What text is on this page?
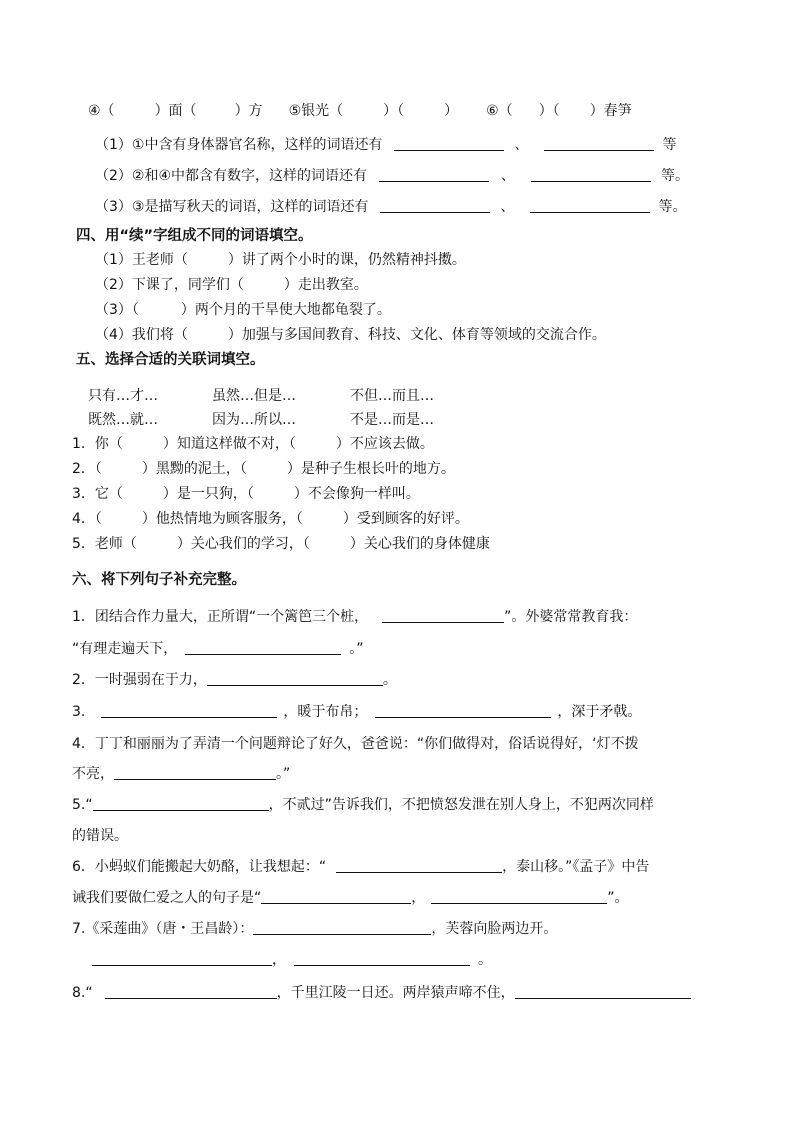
④（	）面（	）方 ⑤银光（	）（	） ⑥（ ）（ ）春笋
（1）①中含有身体器官名称，这样的词语还有	、	等
（2）②和④中都含有数字，这样的词语还有	、	等。
（3）③是描写秋天的词语，这样的词语还有	、	等。
四、用“续”字组成不同的词语填空。
（1）王老师（	）讲了两个小时的课，仍然精神抖擞。
（2）下课了，同学们（	）走出教室。
（3）（	）两个月的干旱使大地都龟裂了。
（4）我们将（	）加强与多国间教育、科技、文化、体育等领域的交流合作。
五、选择合适的关联词填空。
只有…才…	虽然…但是…	不但…而且…
既然…就…	因为…所以…	不是…而是…
1．你（	）知道这样做不对，（	）不应该去做。
2．（	）黑黝的泥土，（	）是种子生根长叶的地方。
3．它（	）是一只狗，（	）不会像狗一样叫。
4．（	）他热情地为顾客服务，（	）受到顾客的好评。
5．老师（	）关心我们的学习，（	）关心我们的身体健康
六、将下列句子补充完整。
1．团结合作力量大，正所谓“一个篱笆三个桩，	”。外婆常常教育我：
“有理走遍天下，	。”
2．一时强弱在于力，	。
3.	，暖于布帛；	，深于矛戟。
4．丁丁和丽丽为了弄清一个问题辩论了好久，爸爸说：“你们做得对，俗话说得好，‘灯不拨
不亮，	。”
5.“	，不贰过”告诉我们，不把愤怒发泄在别人身上，不犯两次同样
的错误。
6．小蚂蚁们能搬起大奶酪，让我想起：“	，泰山移。”《孟子》中告
诫我们要做仁爱之人的句子是“	，	”。
7.《采莲曲》（唐・王昌龄）：	，芙蓉向脸两边开。
，	。
8.“	，千里江陵一日还。两岸猿声啼不住，
